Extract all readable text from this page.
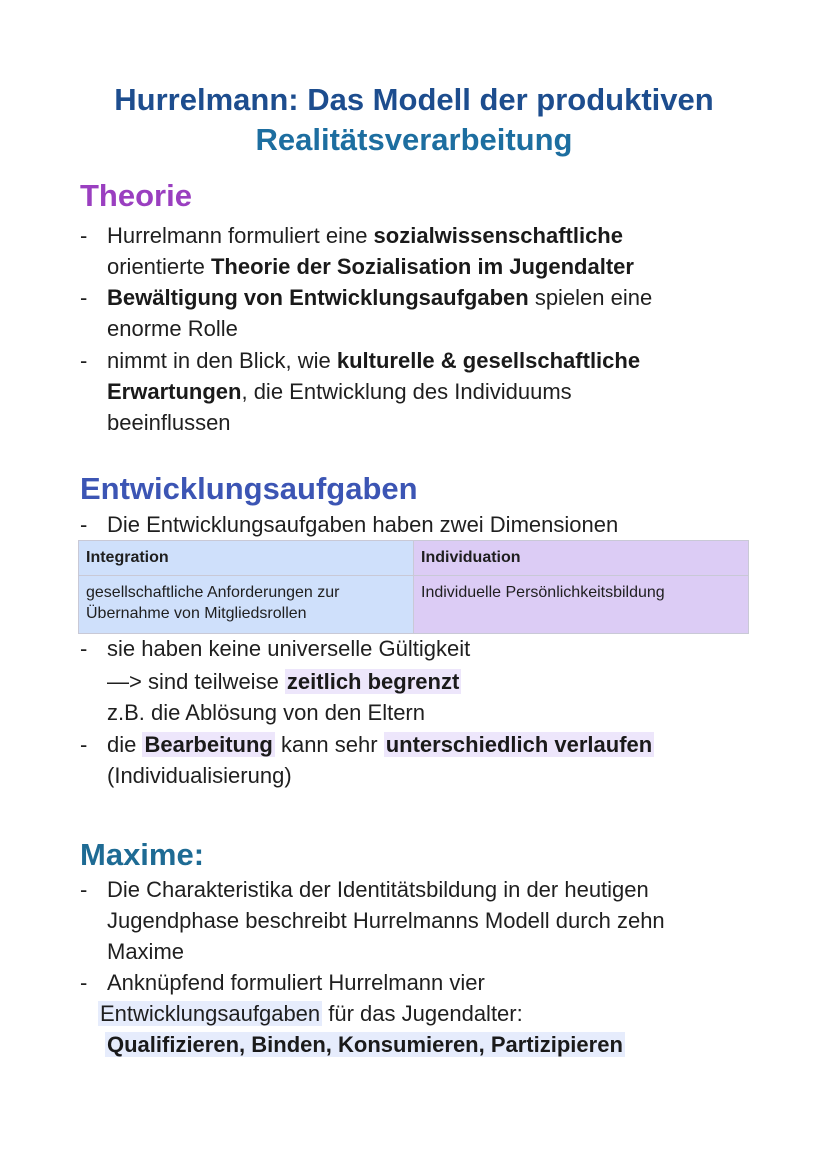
Hurrelmann: Das Modell der produktiven
Realitätsverarbeitung
Theorie
- Hurrelmann formuliert eine sozialwissenschaftliche
orientierte Theorie der Sozialisation im Jugendalter
- Bewältigung von Entwicklungsaufgaben spielen eine
enorme Rolle
- nimmt in den Blick, wie kulturelle & gesellschaftliche
Erwartungen, die Entwicklung des Individuums
beeinflussen
Entwicklungsaufgaben
- Die Entwicklungsaufgaben haben zwei Dimensionen
Integration	Individuation
gesellschaftliche Anforderungen zur Übernahme von Mitgliedsrollen	Individuelle Persönlichkeitsbildung
- sie haben keine universelle Gültigkeit
—> sind teilweise zeitlich begrenzt
z.B. die Ablösung von den Eltern
- die Bearbeitung kann sehr unterschiedlich verlaufen
(Individualisierung)
Maxime:
- Die Charakteristika der Identitätsbildung in der heutigen
Jugendphase beschreibt Hurrelmanns Modell durch zehn
Maxime
- Anknüpfend formuliert Hurrelmann vier
Entwicklungsaufgaben für das Jugendalter:
Qualifizieren, Binden, Konsumieren, Partizipieren
